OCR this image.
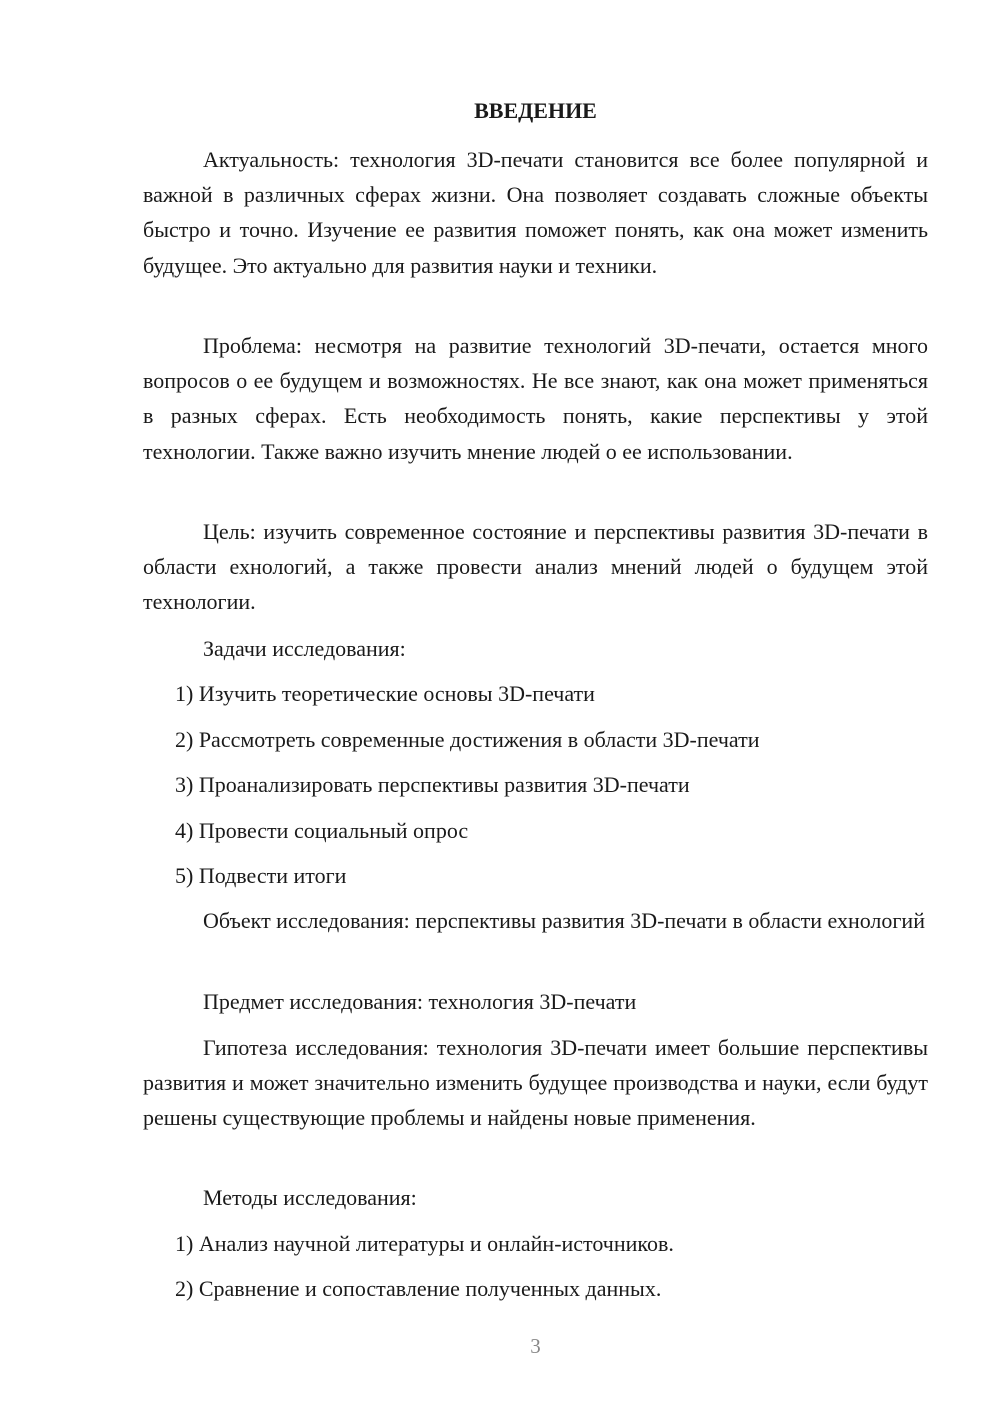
ВВЕДЕНИЕ

Актуальность: технология 3D-печати становится все более популярной и важной в различных сферах жизни. Она позволяет создавать сложные объекты быстро и точно. Изучение ее развития поможет понять, как она может изменить будущее. Это актуально для развития науки и техники.

Проблема: несмотря на развитие технологий 3D-печати, остается много вопросов о ее будущем и возможностях. Не все знают, как она может применяться в разных сферах. Есть необходимость понять, какие перспективы у этой технологии. Также важно изучить мнение людей о ее использовании.

Цель: изучить современное состояние и перспективы развития 3D-печати в области ехнологий, а также провести анализ мнений людей о будущем этой технологии.

Задачи исследования:

1) Изучить теоретические основы 3D-печати

2) Рассмотреть современные достижения в области 3D-печати

3) Проанализировать перспективы развития 3D-печати

4) Провести социальный опрос

5) Подвести итоги

Объект исследования: перспективы развития 3D-печати в области ехнологий

Предмет исследования: технология 3D-печати

Гипотеза исследования: технология 3D-печати имеет большие перспективы развития и может значительно изменить будущее производства и науки, если будут решены существующие проблемы и найдены новые применения.

Методы исследования:

1) Анализ научной литературы и онлайн-источников.

2) Сравнение и сопоставление полученных данных.

3
